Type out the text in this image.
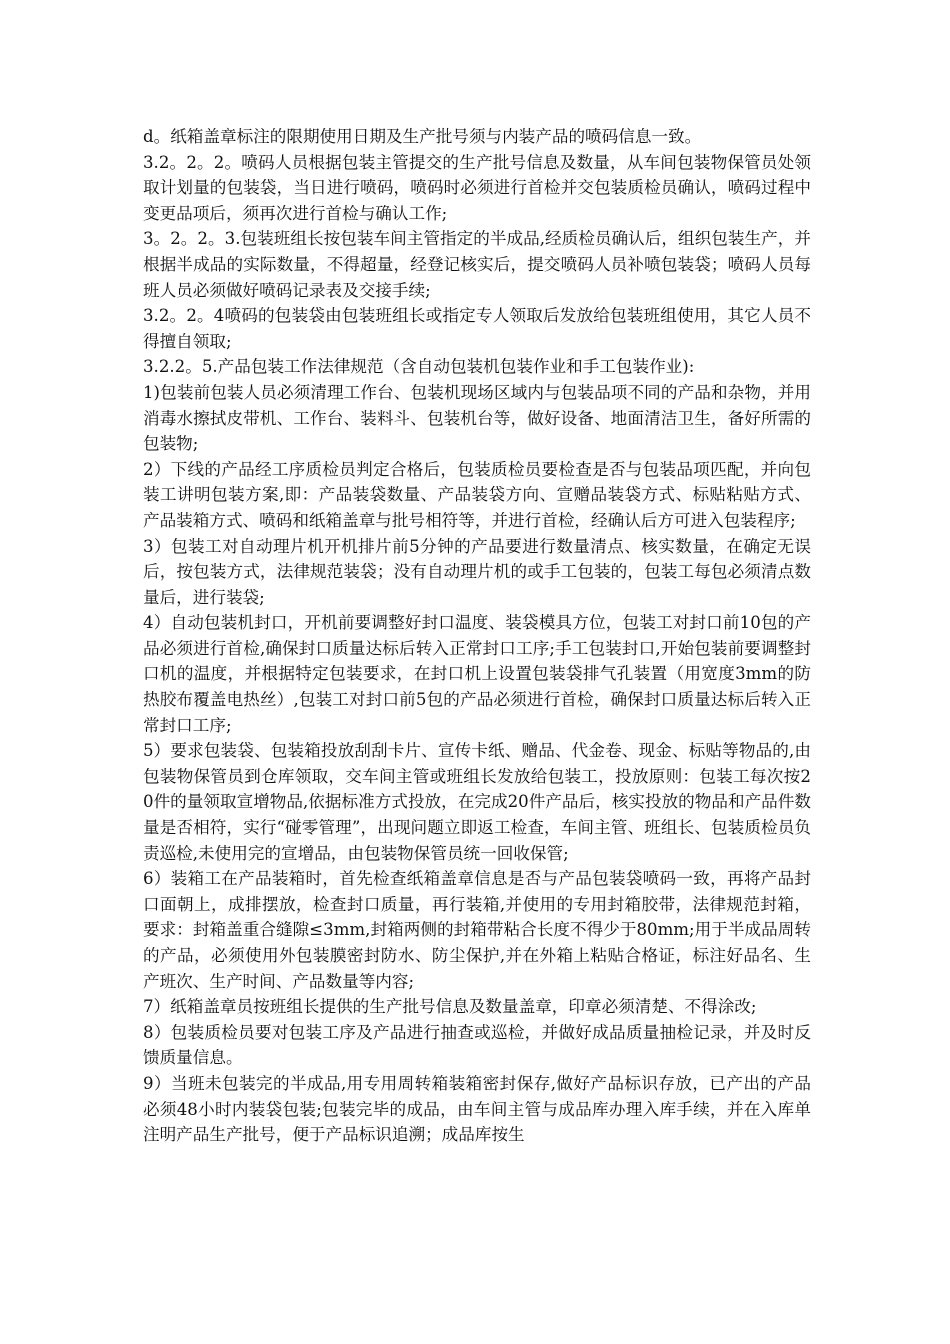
d。纸箱盖章标注的限期使用日期及生产批号须与内装产品的喷码信息一致。

3.2。2。2。喷码人员根据包装主管提交的生产批号信息及数量，从车间包装物保管员处领取计划量的包装袋，当日进行喷码，喷码时必须进行首检并交包装质检员确认，喷码过程中变更品项后，须再次进行首检与确认工作;

3。2。2。3.包装班组长按包装车间主管指定的半成品,经质检员确认后，组织包装生产，并根据半成品的实际数量，不得超量，经登记核实后，提交喷码人员补喷包装袋；喷码人员每班人员必须做好喷码记录表及交接手续;

3.2。2。4喷码的包装袋由包装班组长或指定专人领取后发放给包装班组使用，其它人员不得擅自领取;

3.2.2。5.产品包装工作法律规范（含自动包装机包装作业和手工包装作业):

1)包装前包装人员必须清理工作台、包装机现场区域内与包装品项不同的产品和杂物，并用消毒水擦拭皮带机、工作台、装料斗、包装机台等，做好设备、地面清洁卫生，备好所需的包装物;

2）下线的产品经工序质检员判定合格后，包装质检员要检查是否与包装品项匹配，并向包装工讲明包装方案,即：产品装袋数量、产品装袋方向、宣赠品装袋方式、标贴粘贴方式、产品装箱方式、喷码和纸箱盖章与批号相符等，并进行首检，经确认后方可进入包装程序;

3）包装工对自动理片机开机排片前5分钟的产品要进行数量清点、核实数量，在确定无误后，按包装方式，法律规范装袋；没有自动理片机的或手工包装的，包装工每包必须清点数量后，进行装袋;

4）自动包装机封口，开机前要调整好封口温度、装袋模具方位，包装工对封口前10包的产品必须进行首检,确保封口质量达标后转入正常封口工序;手工包装封口,开始包装前要调整封口机的温度，并根据特定包装要求，在封口机上设置包装袋排气孔装置（用宽度3mm的防热胶布覆盖电热丝）,包装工对封口前5包的产品必须进行首检，确保封口质量达标后转入正常封口工序;

5）要求包装袋、包装箱投放刮刮卡片、宣传卡纸、赠品、代金卷、现金、标贴等物品的,由包装物保管员到仓库领取，交车间主管或班组长发放给包装工，投放原则：包装工每次按20件的量领取宣增物品,依据标准方式投放，在完成20件产品后，核实投放的物品和产品件数量是否相符，实行“碰零管理”，出现问题立即返工检查，车间主管、班组长、包装质检员负责巡检,未使用完的宣增品，由包装物保管员统一回收保管;

6）装箱工在产品装箱时，首先检查纸箱盖章信息是否与产品包装袋喷码一致，再将产品封口面朝上，成排摆放，检查封口质量，再行装箱,并使用的专用封箱胶带，法律规范封箱，要求：封箱盖重合缝隙≤3mm,封箱两侧的封箱带粘合长度不得少于80mm;用于半成品周转的产品，必须使用外包装膜密封防水、防尘保护,并在外箱上粘贴合格证，标注好品名、生产班次、生产时间、产品数量等内容;

7）纸箱盖章员按班组长提供的生产批号信息及数量盖章，印章必须清楚、不得涂改;

8）包装质检员要对包装工序及产品进行抽查或巡检，并做好成品质量抽检记录，并及时反馈质量信息。

9）当班未包装完的半成品,用专用周转箱装箱密封保存,做好产品标识存放，已产出的产品必须48小时内装袋包装;包装完毕的成品，由车间主管与成品库办理入库手续，并在入库单注明产品生产批号，便于产品标识追溯；成品库按生
